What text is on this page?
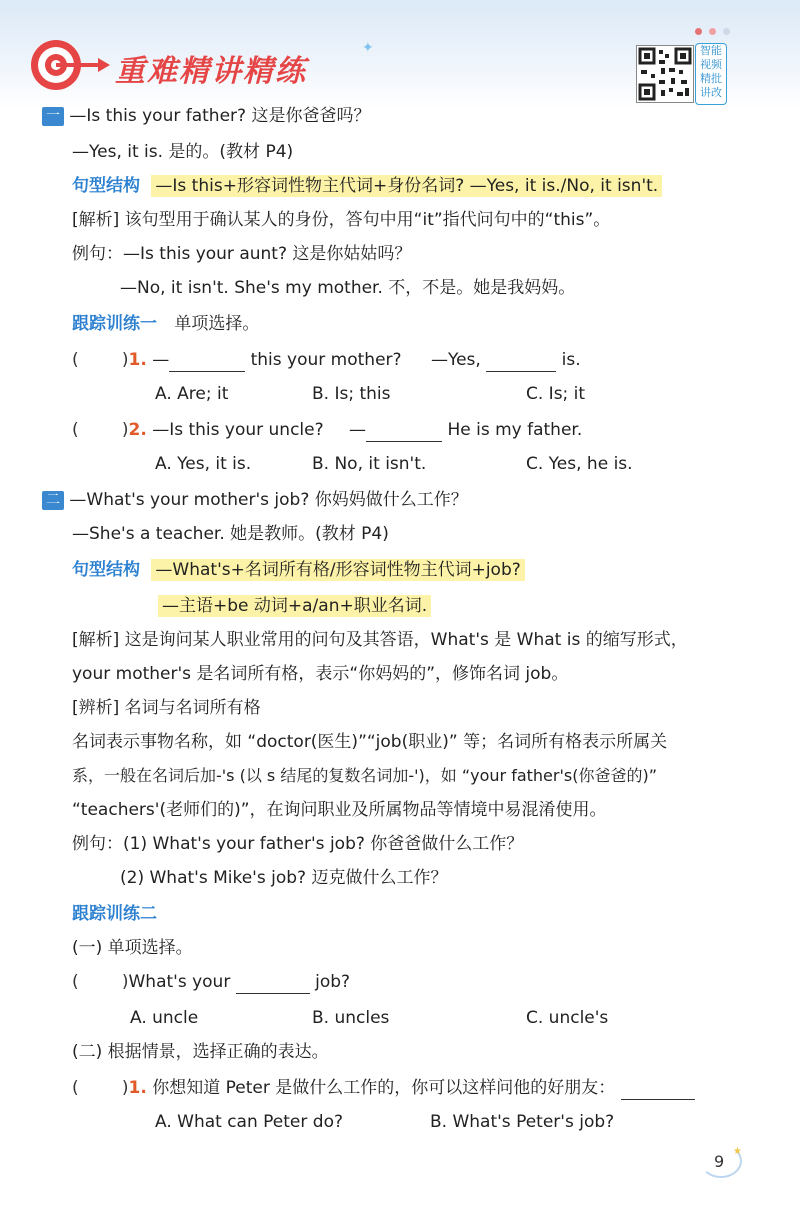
重难精讲精练
✦	智能
视频
精批
讲改
一 —Is this your father? 这是你爸爸吗？
—Yes, it is. 是的。(教材 P4)
句型结构 —Is this+形容词性物主代词+身份名词? —Yes, it is./No, it isn't.
[解析] 该句型用于确认某人的身份，答句中用“it”指代问句中的“this”。
例句：—Is this your aunt? 这是你姑姑吗？
—No, it isn't. She's my mother. 不，不是。她是我妈妈。
跟踪训练一 单项选择。
(        )1. —	this your mother? —Yes,	is.
A. Are; it	B. Is; this	C. Is; it
(        )2. —Is this your uncle? —	He is my father.
A. Yes, it is.	B. No, it isn't.	C. Yes, he is.
二 —What's your mother's job? 你妈妈做什么工作？
—She's a teacher. 她是教师。(教材 P4)
句型结构 —What's+名词所有格/形容词性物主代词+job?
—主语+be 动词+a/an+职业名词.
[解析] 这是询问某人职业常用的问句及其答语，What's 是 What is 的缩写形式，
your mother's 是名词所有格，表示“你妈妈的”，修饰名词 job。
[辨析] 名词与名词所有格
名词表示事物名称，如 “doctor(医生)”“job(职业)” 等；名词所有格表示所属关
系，一般在名词后加-'s (以 s 结尾的复数名词加-')，如 “your father's(你爸爸的)”
“teachers'(老师们的)”，在询问职业及所属物品等情境中易混淆使用。
例句：(1) What's your father's job? 你爸爸做什么工作？
(2) What's Mike's job? 迈克做什么工作？
跟踪训练二
(一) 单项选择。
(        )What's your	job?
A. uncle	B. uncles	C. uncle's
(二) 根据情景，选择正确的表达。
(        )1. 你想知道 Peter 是做什么工作的，你可以这样问他的好朋友：
A. What can Peter do?	B. What's Peter's job?
9
★
